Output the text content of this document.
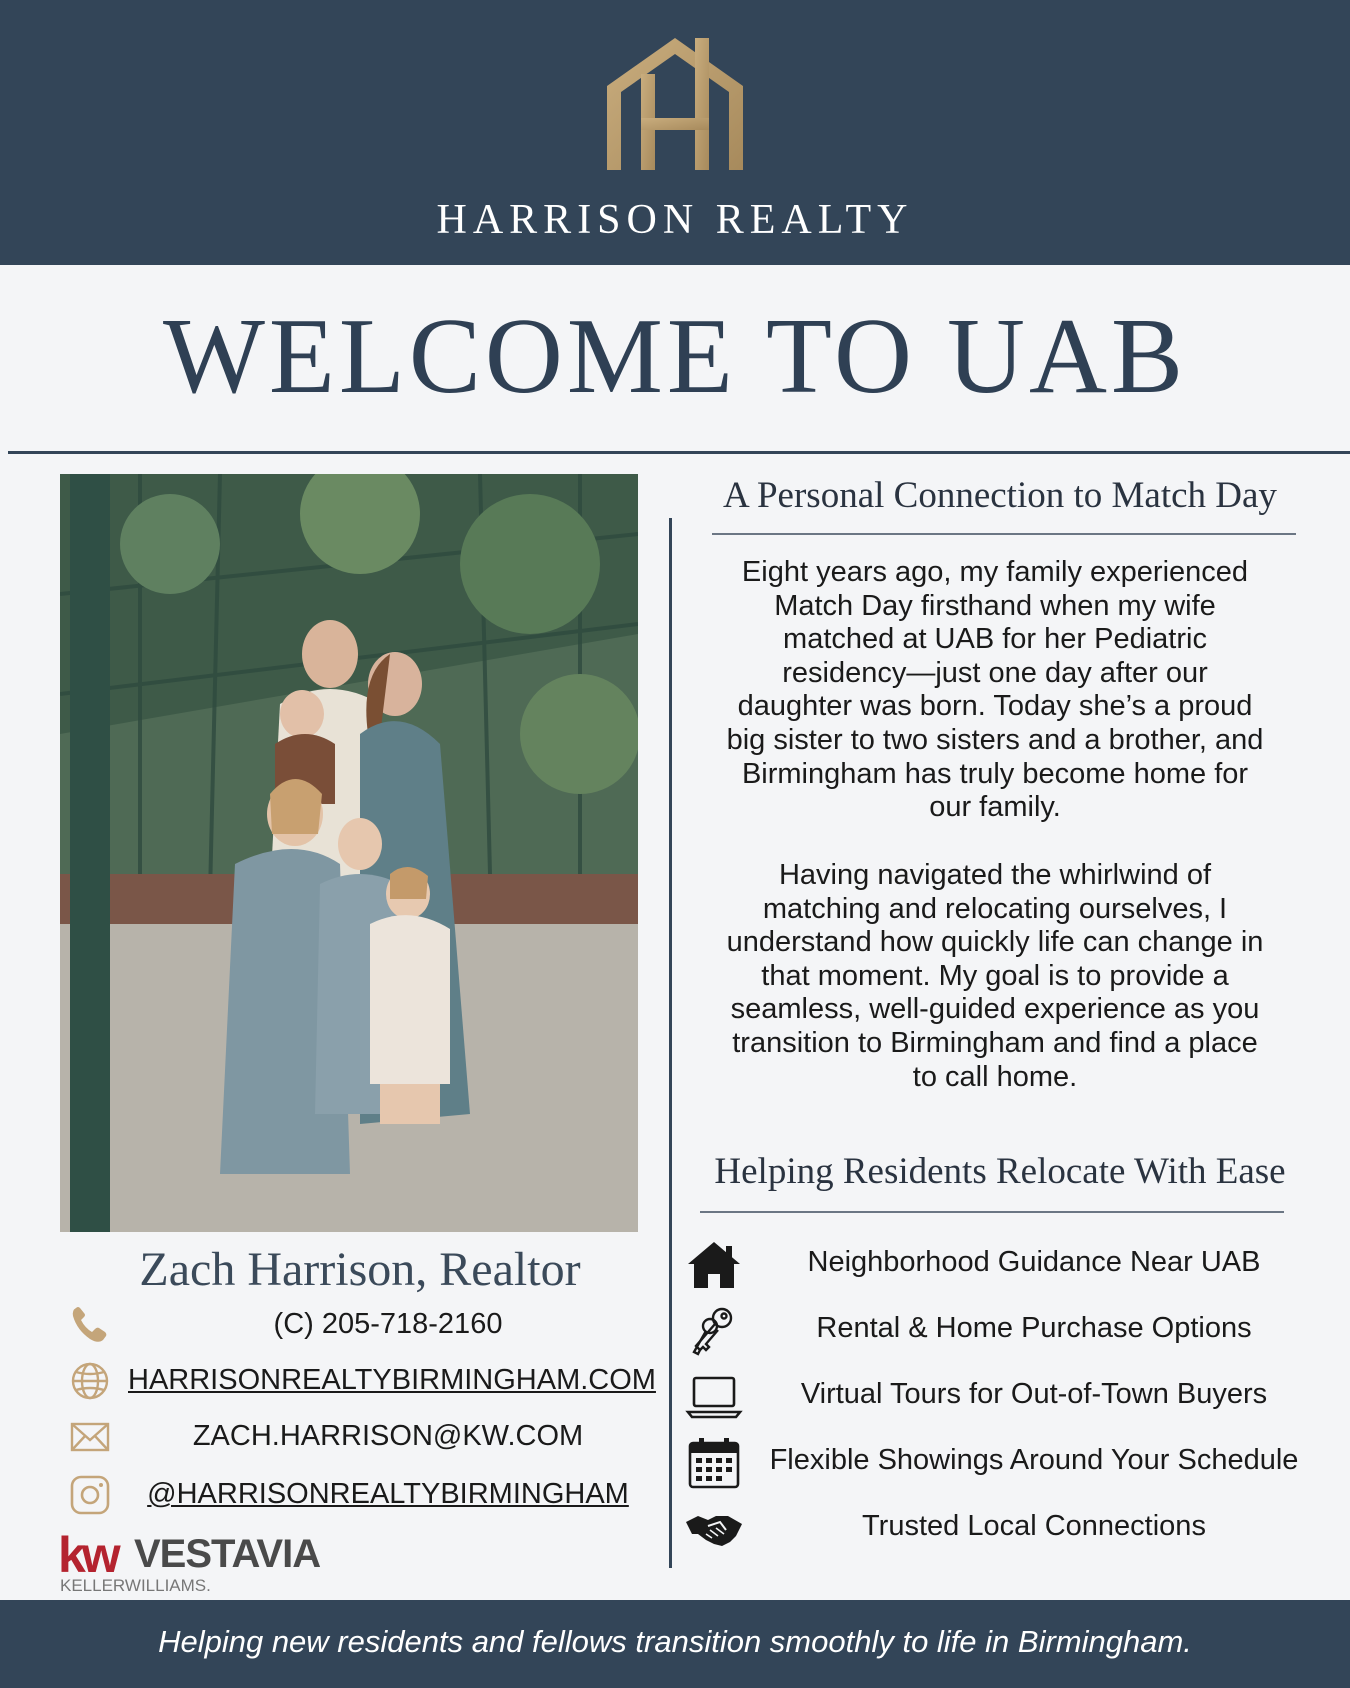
HARRISON REALTY
WELCOME TO UAB
Zach Harrison, Realtor
(C) 205-718-2160
HARRISONREALTYBIRMINGHAM.COM
ZACH.HARRISON@KW.COM
@HARRISONREALTYBIRMINGHAM
kw VESTAVIA
KELLERWILLIAMS.
A Personal Connection to Match Day
Eight years ago, my family experienced
Match Day firsthand when my wife
matched at UAB for her Pediatric
residency—just one day after our
daughter was born. Today she’s a proud
big sister to two sisters and a brother, and
Birmingham has truly become home for
our family.
Having navigated the whirlwind of
matching and relocating ourselves, I
understand how quickly life can change in
that moment. My goal is to provide a
seamless, well-guided experience as you
transition to Birmingham and find a place
to call home.
Helping Residents Relocate With Ease
Neighborhood Guidance Near UAB
Rental & Home Purchase Options
Virtual Tours for Out-of-Town Buyers
Flexible Showings Around Your Schedule
Trusted Local Connections
Helping new residents and fellows transition smoothly to life in Birmingham.
